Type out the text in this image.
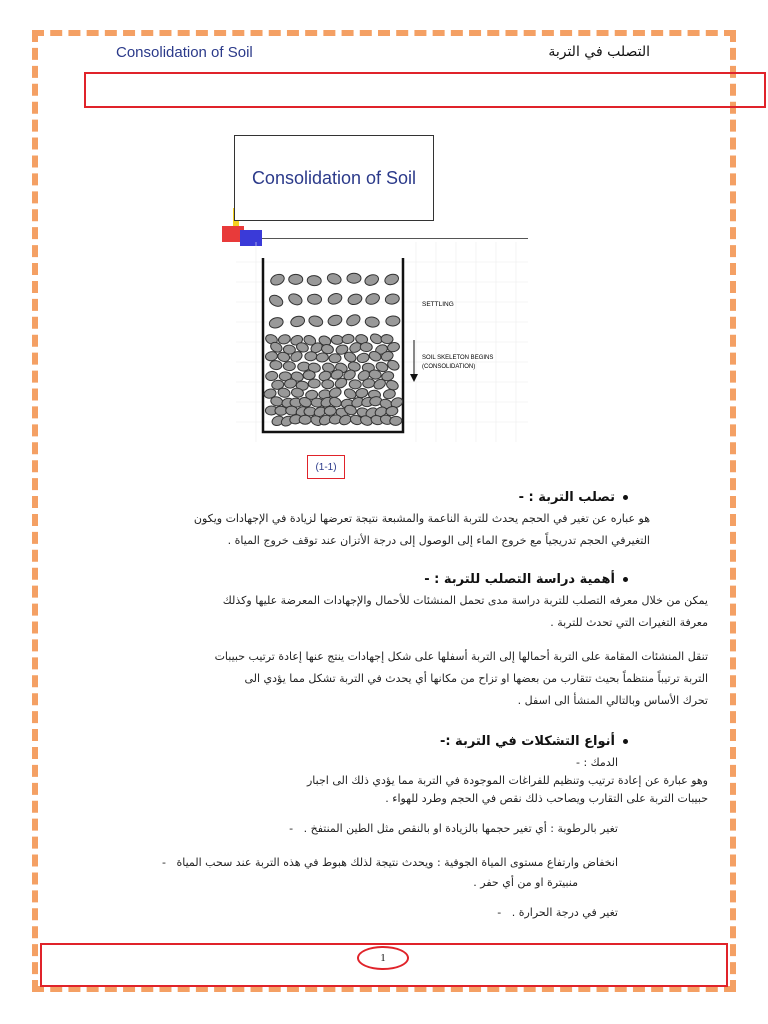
Consolidation of Soil	التصلب في التربة
Consolidation of Soil
SETTLING
SOIL SKELETON BEGINS
(CONSOLIDATION)
(1-1)
تصلب التربة : -
هو عباره عن تغير في الحجم يحدث للتربة الناعمة والمشبعة نتيجة تعرضها لزيادة في الإجهادات ويكون
التغيرفي الحجم تدريجياً مع خروج الماء إلى الوصول إلى درجة الأتزان عند توقف خروج المياة .
أهمية دراسة التصلب للتربة : -
يمكن من خلال معرفه التصلب للتربة دراسة مدى تحمل المنشئات للأحمال والإجهادات المعرضة عليها وكذلك
معرفة التغيرات التي تحدث للتربة .
تنقل المنشئات المقامة على التربة أحمالها إلى التربة أسفلها على شكل إجهادات ينتج عنها إعادة ترتيب حبيبات
التربة ترتيباً منتظماً بحيث تتقارب من بعضها او تزاح من مكانها أي يحدث في التربة تشكل مما يؤدي الى
تحرك الأساس وبالتالي المنشأ الى اسفل .
أنواع التشكلات في التربة :-
الدمك : -
وهو عبارة عن إعادة ترتيب وتنظيم للفراغات الموجودة في التربة مما يؤدي ذلك الى اجبار
حبيبات التربة على التقارب ويصاحب ذلك نقص في الحجم وطرد للهواء .
تغير بالرطوبة : أي تغير حجمها بالزيادة او بالنقص مثل الطين المنتفخ .   -
انخفاض وارتفاع مستوى المياة الجوفية : ويحدث نتيجة لذلك هبوط في هذه التربة عند سحب المياة   -
منبيترة او من أي حفر .
تغير في درجة الحرارة .   -
1
